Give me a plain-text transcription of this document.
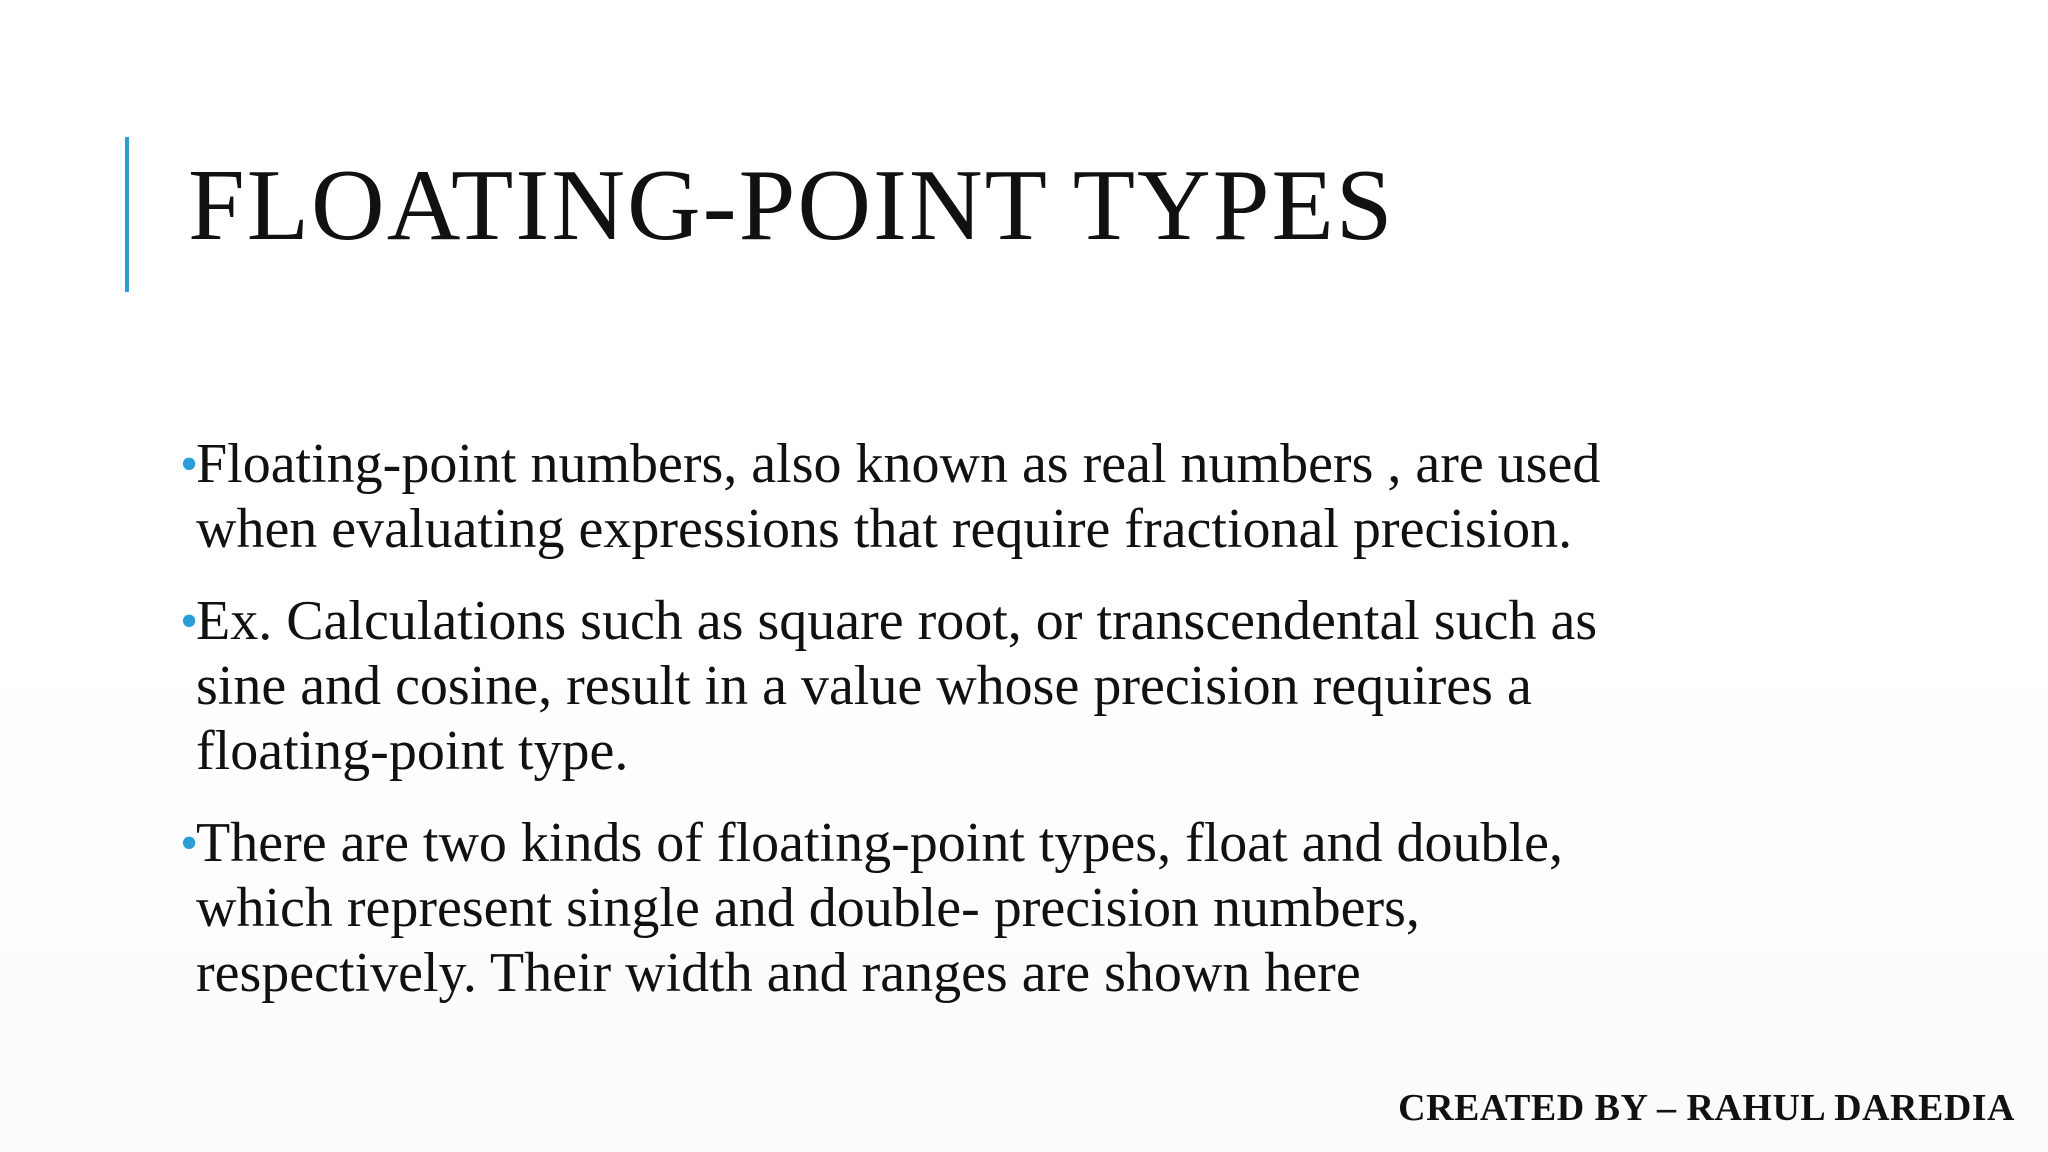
FLOATING-POINT TYPES
•
Floating-point numbers, also known as real numbers , are used
when evaluating expressions that require fractional precision.
•
Ex. Calculations such as square root, or transcendental such as
sine and cosine, result in a value whose precision requires a
floating-point type.
•
There are two kinds of floating-point types, float and double,
which represent single and double- precision numbers,
respectively. Their width and ranges are shown here
CREATED BY – RAHUL DAREDIA
